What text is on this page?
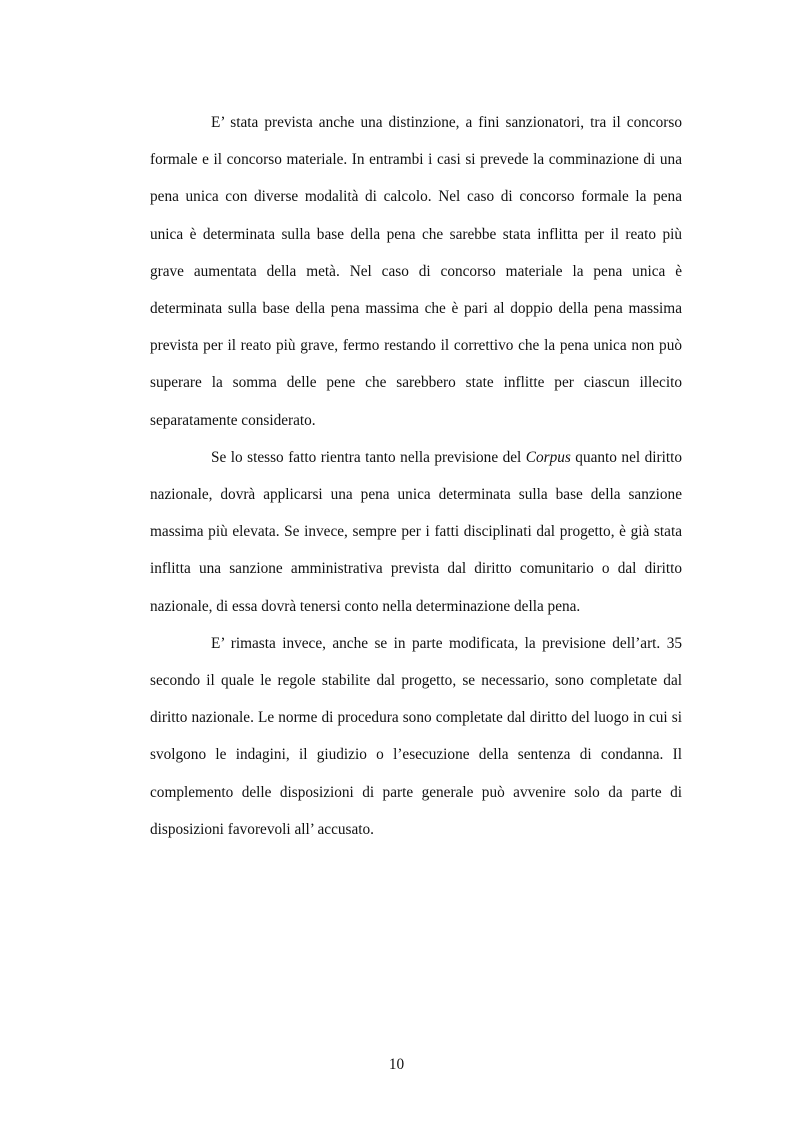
E’ stata prevista anche una distinzione, a fini sanzionatori, tra il concorso formale e il concorso materiale. In entrambi i casi si prevede la comminazione di una pena unica con diverse modalità di calcolo. Nel caso di concorso formale la pena unica è determinata sulla base della pena che sarebbe stata inflitta per il reato più grave aumentata della metà. Nel caso di concorso materiale la pena unica è determinata sulla base della pena massima che è pari al doppio della pena massima prevista per il reato più grave, fermo restando il correttivo che la pena unica non può superare la somma delle pene che sarebbero state inflitte per ciascun illecito separatamente considerato.

Se lo stesso fatto rientra tanto nella previsione del Corpus quanto nel diritto nazionale, dovrà applicarsi una pena unica determinata sulla base della sanzione massima più elevata. Se invece, sempre per i fatti disciplinati dal progetto, è già stata inflitta una sanzione amministrativa prevista dal diritto comunitario o dal diritto nazionale, di essa dovrà tenersi conto nella determinazione della pena.

E’ rimasta invece, anche se in parte modificata, la previsione dell’art. 35 secondo il quale le regole stabilite dal progetto, se necessario, sono completate dal diritto nazionale. Le norme di procedura sono completate dal diritto del luogo in cui si svolgono le indagini, il giudizio o l’esecuzione della sentenza di condanna. Il complemento delle disposizioni di parte generale può avvenire solo da parte di disposizioni favorevoli all’ accusato.

10
